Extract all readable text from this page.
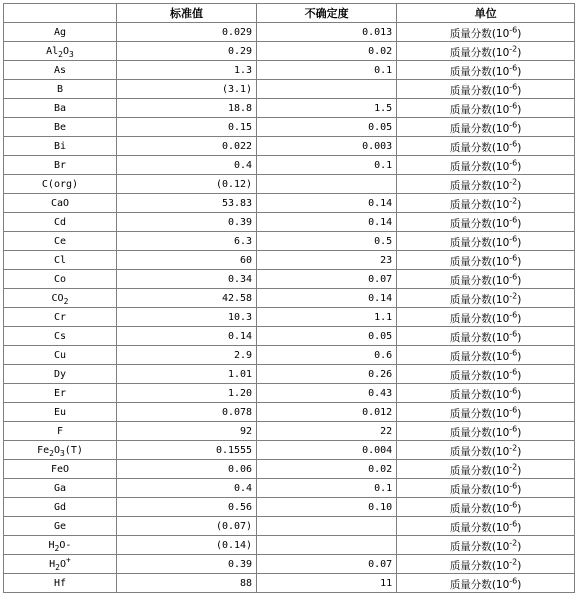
	标准值	不确定度	单位
Ag	0.029	0.013	质量分数$(10^{-6})$
$Al_2O_3$	0.29	0.02	质量分数$(10^{-2})$
As	1.3	0.1	质量分数$(10^{-6})$
B	(3.1)		质量分数$(10^{-6})$
Ba	18.8	1.5	质量分数$(10^{-6})$
Be	0.15	0.05	质量分数$(10^{-6})$
Bi	0.022	0.003	质量分数$(10^{-6})$
Br	0.4	0.1	质量分数$(10^{-6})$
C(org)	(0.12)		质量分数$(10^{-2})$
CaO	53.83	0.14	质量分数$(10^{-2})$
Cd	0.39	0.14	质量分数$(10^{-6})$
Ce	6.3	0.5	质量分数$(10^{-6})$
Cl	60	23	质量分数$(10^{-6})$
Co	0.34	0.07	质量分数$(10^{-6})$
$CO_2$	42.58	0.14	质量分数$(10^{-2})$
Cr	10.3	1.1	质量分数$(10^{-6})$
Cs	0.14	0.05	质量分数$(10^{-6})$
Cu	2.9	0.6	质量分数$(10^{-6})$
Dy	1.01	0.26	质量分数$(10^{-6})$
Er	1.20	0.43	质量分数$(10^{-6})$
Eu	0.078	0.012	质量分数$(10^{-6})$
F	92	22	质量分数$(10^{-6})$
$Fe_2O_3(T)$	0.1555	0.004	质量分数$(10^{-2})$
FeO	0.06	0.02	质量分数$(10^{-2})$
Ga	0.4	0.1	质量分数$(10^{-6})$
Gd	0.56	0.10	质量分数$(10^{-6})$
Ge	(0.07)		质量分数$(10^{-6})$
$H_2O-$	(0.14)		质量分数$(10^{-2})$
$H_2O^+$	0.39	0.07	质量分数$(10^{-2})$
Hf	88	11	质量分数$(10^{-6})$
